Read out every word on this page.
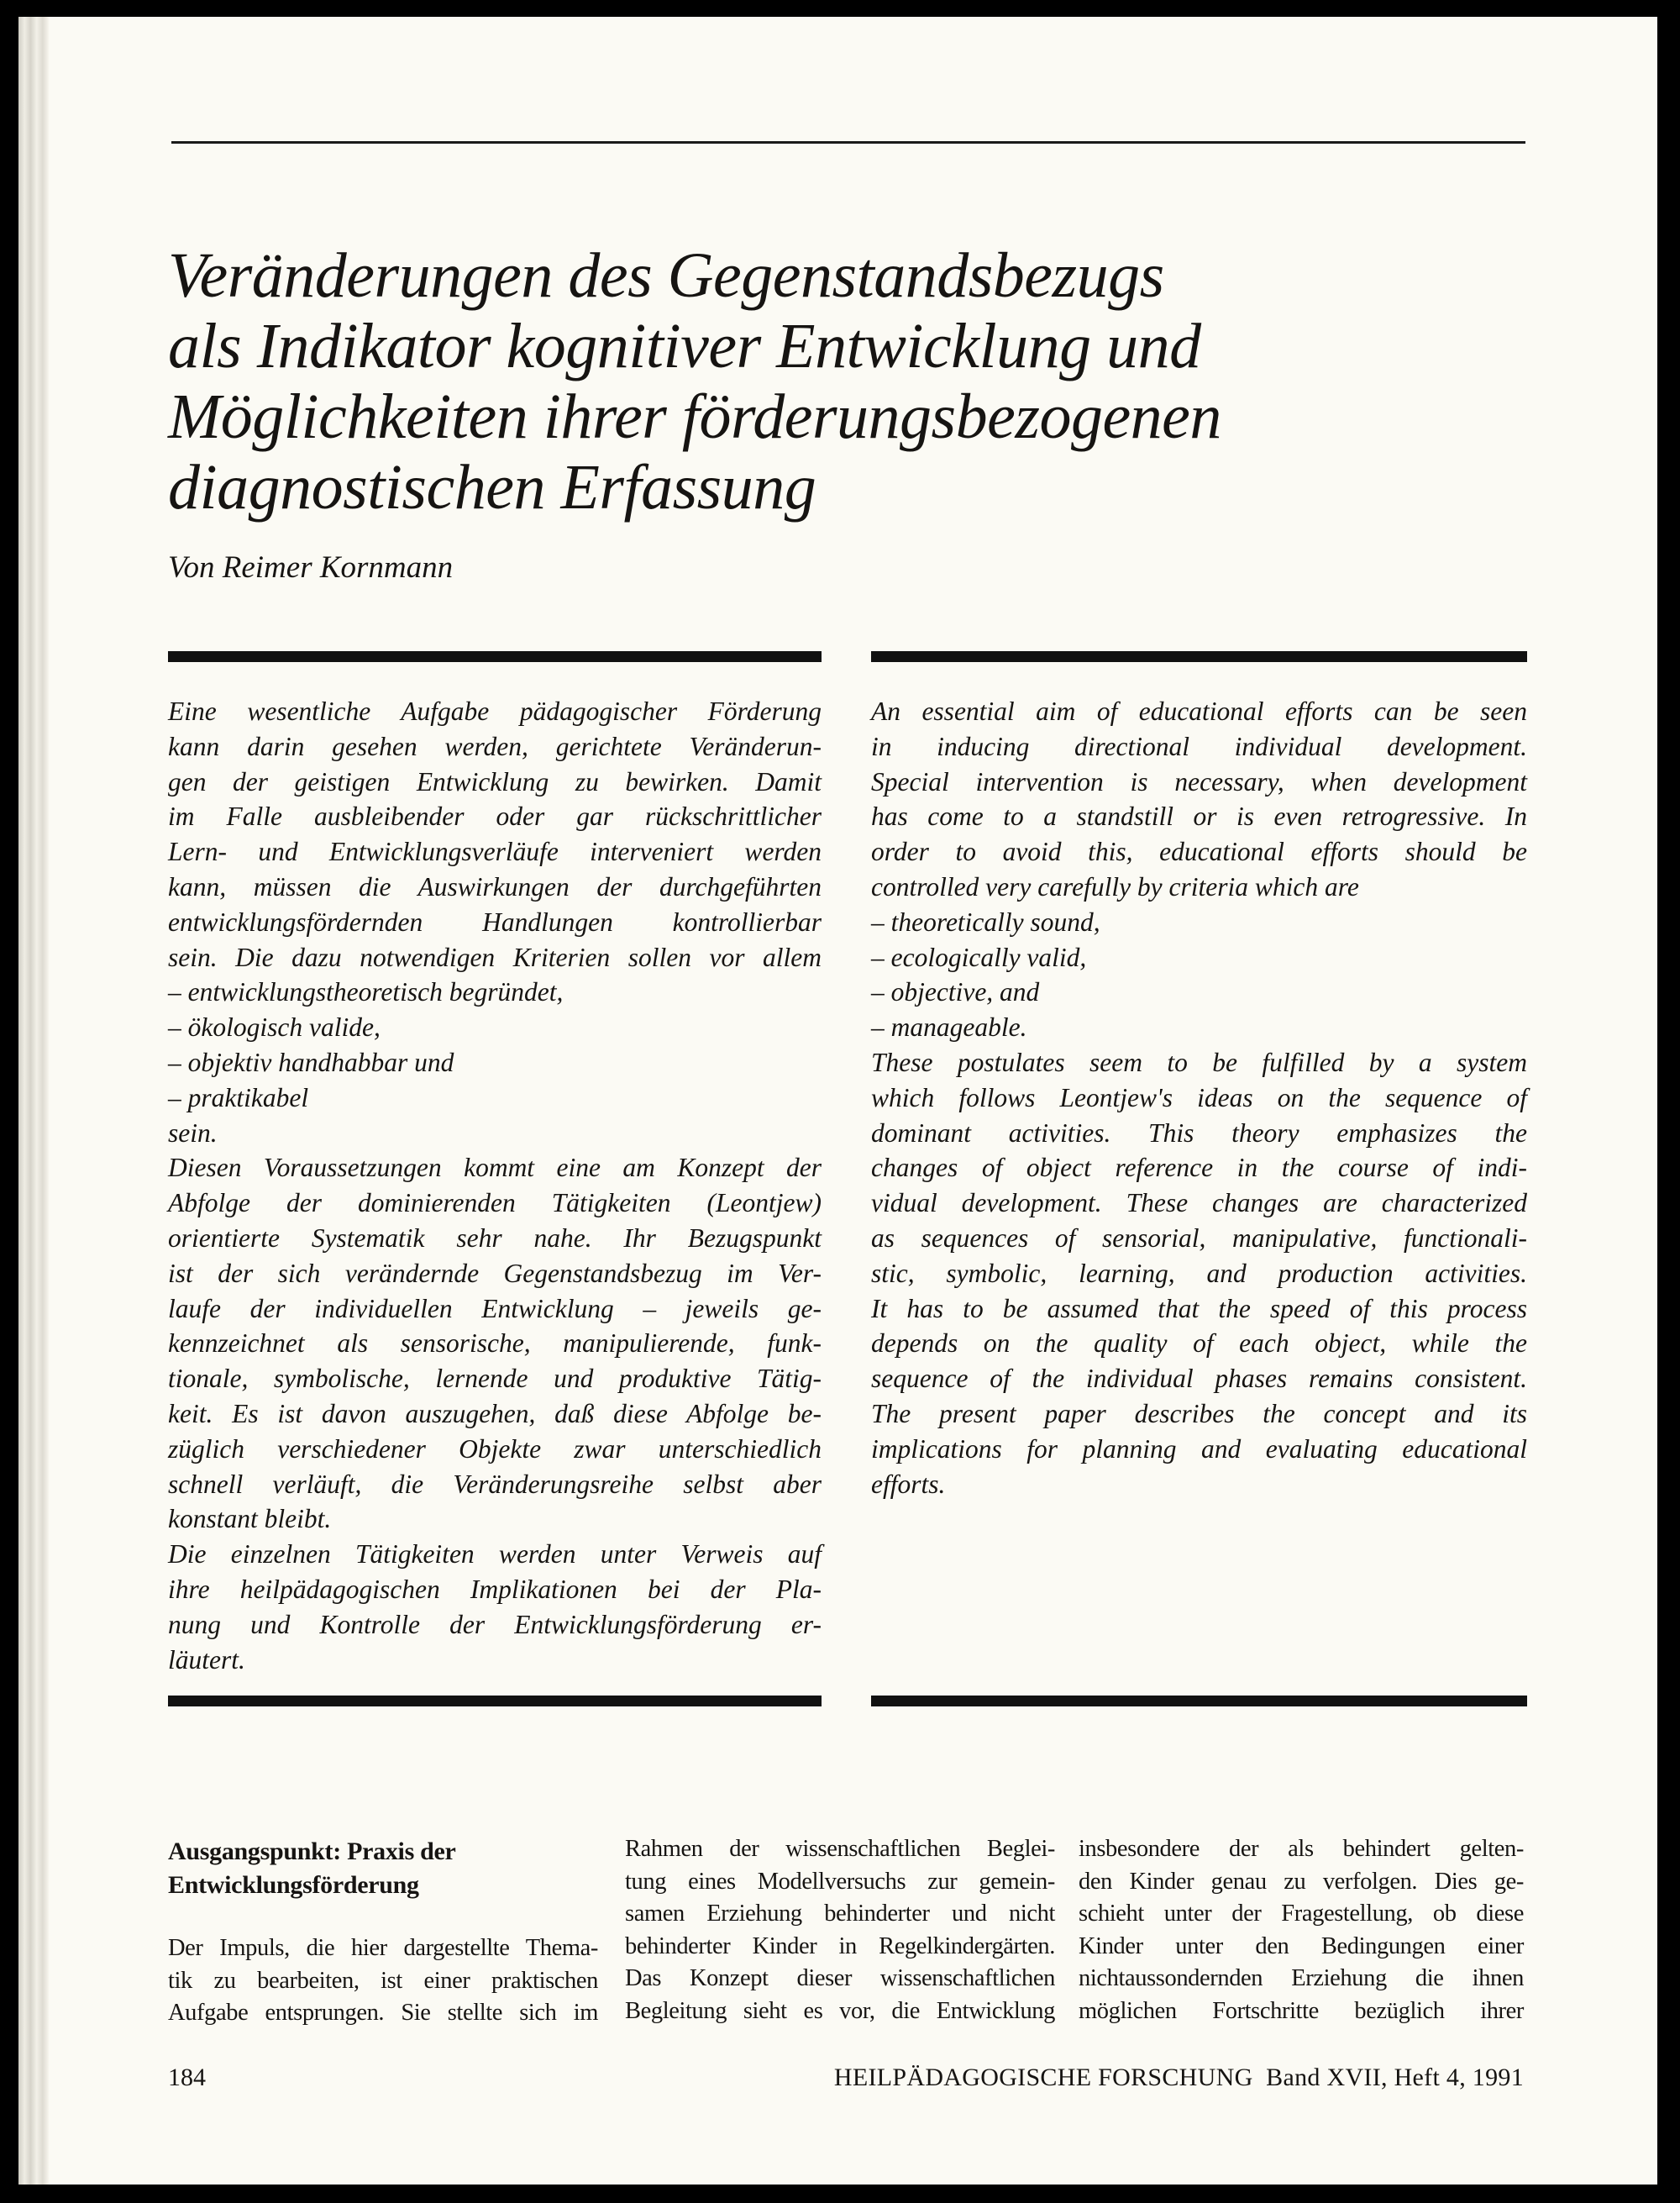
Veränderungen des Gegenstandsbezugs
als Indikator kognitiver Entwicklung und
Möglichkeiten ihrer förderungsbezogenen
diagnostischen Erfassung
Von Reimer Kornmann
Eine wesentliche Aufgabe pädagogischer Förderung
kann darin gesehen werden, gerichtete Veränderun-
gen der geistigen Entwicklung zu bewirken. Damit
im Falle ausbleibender oder gar rückschrittlicher
Lern- und Entwicklungsverläufe interveniert werden
kann, müssen die Auswirkungen der durchgeführten
entwicklungsfördernden Handlungen kontrollierbar
sein. Die dazu notwendigen Kriterien sollen vor allem
– entwicklungstheoretisch begründet,
– ökologisch valide,
– objektiv handhabbar und
– praktikabel
sein.
Diesen Voraussetzungen kommt eine am Konzept der
Abfolge der dominierenden Tätigkeiten (Leontjew)
orientierte Systematik sehr nahe. Ihr Bezugspunkt
ist der sich verändernde Gegenstandsbezug im Ver-
laufe der individuellen Entwicklung – jeweils ge-
kennzeichnet als sensorische, manipulierende, funk-
tionale, symbolische, lernende und produktive Tätig-
keit. Es ist davon auszugehen, daß diese Abfolge be-
züglich verschiedener Objekte zwar unterschiedlich
schnell verläuft, die Veränderungsreihe selbst aber
konstant bleibt.
Die einzelnen Tätigkeiten werden unter Verweis auf
ihre heilpädagogischen Implikationen bei der Pla-
nung und Kontrolle der Entwicklungsförderung er-
läutert.
An essential aim of educational efforts can be seen
in inducing directional individual development.
Special intervention is necessary, when development
has come to a standstill or is even retrogressive. In
order to avoid this, educational efforts should be
controlled very carefully by criteria which are
– theoretically sound,
– ecologically valid,
– objective, and
– manageable.
These postulates seem to be fulfilled by a system
which follows Leontjew's ideas on the sequence of
dominant activities. This theory emphasizes the
changes of object reference in the course of indi-
vidual development. These changes are characterized
as sequences of sensorial, manipulative, functionali-
stic, symbolic, learning, and production activities.
It has to be assumed that the speed of this process
depends on the quality of each object, while the
sequence of the individual phases remains consistent.
The present paper describes the concept and its
implications for planning and evaluating educational
efforts.
Ausgangspunkt: Praxis der
Entwicklungsförderung
Der Impuls, die hier dargestellte Thema-
tik zu bearbeiten, ist einer praktischen
Aufgabe entsprungen. Sie stellte sich im
Rahmen der wissenschaftlichen Beglei-
tung eines Modellversuchs zur gemein-
samen Erziehung behinderter und nicht
behinderter Kinder in Regelkindergärten.
Das Konzept dieser wissenschaftlichen
Begleitung sieht es vor, die Entwicklung
insbesondere der als behindert gelten-
den Kinder genau zu verfolgen. Dies ge-
schieht unter der Fragestellung, ob diese
Kinder unter den Bedingungen einer
nichtaussondernden Erziehung die ihnen
möglichen Fortschritte bezüglich ihrer
184	HEILPÄDAGOGISCHE FORSCHUNG Band XVII, Heft 4, 1991
